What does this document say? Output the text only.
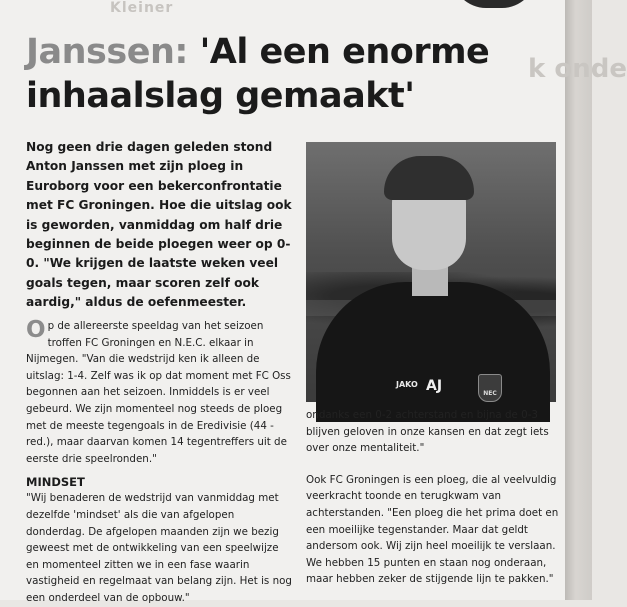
Kleiner
Janssen: 'Al een enorme inhaalslag gemaakt'
Nog geen drie dagen geleden stond Anton Janssen met zijn ploeg in Euroborg voor een bekerconfrontatie met FC Groningen. Hoe die uitslag ook is geworden, vanmiddag om half drie beginnen de beide ploegen weer op 0-0. "We krijgen de laatste weken veel goals tegen, maar scoren zelf ook aardig," aldus de oefenmeester.
JAKO AJ	NEC

Op de allereerste speeldag van het seizoen troffen FC Groningen en N.E.C. elkaar in Nijmegen. "Van die wedstrijd ken ik alleen de uitslag: 1-4. Zelf was ik op dat moment met FC Oss begonnen aan het seizoen. Inmiddels is er veel gebeurd. We zijn momenteel nog steeds de ploeg met de meeste tegengoals in de Eredivisie (44 - red.), maar daarvan komen 14 tegentreffers uit de eerste drie speelronden."

MINDSET

"Wij benaderen de wedstrijd van vanmiddag met dezelfde 'mindset' als die van afgelopen donderdag. De afgelopen maanden zijn we bezig geweest met de ontwikkeling van een speelwijze en momenteel zitten we in een fase waarin vastigheid en regelmaat van belang zijn. Het is nog een onderdeel van de opbouw."

ondanks een 0-2 achterstand en bijna de 0-3 blijven geloven in onze kansen en dat zegt iets over onze mentaliteit."

Ook FC Groningen is een ploeg, die al veelvuldig veerkracht toonde en terugkwam van achterstanden. "Een ploeg die het prima doet en een moeilijke tegenstander. Maar dat geldt andersom ook. Wij zijn heel moeilijk te verslaan. We hebben 15 punten en staan nog onderaan, maar hebben zeker de stijgende lijn te pakken."

k onde
